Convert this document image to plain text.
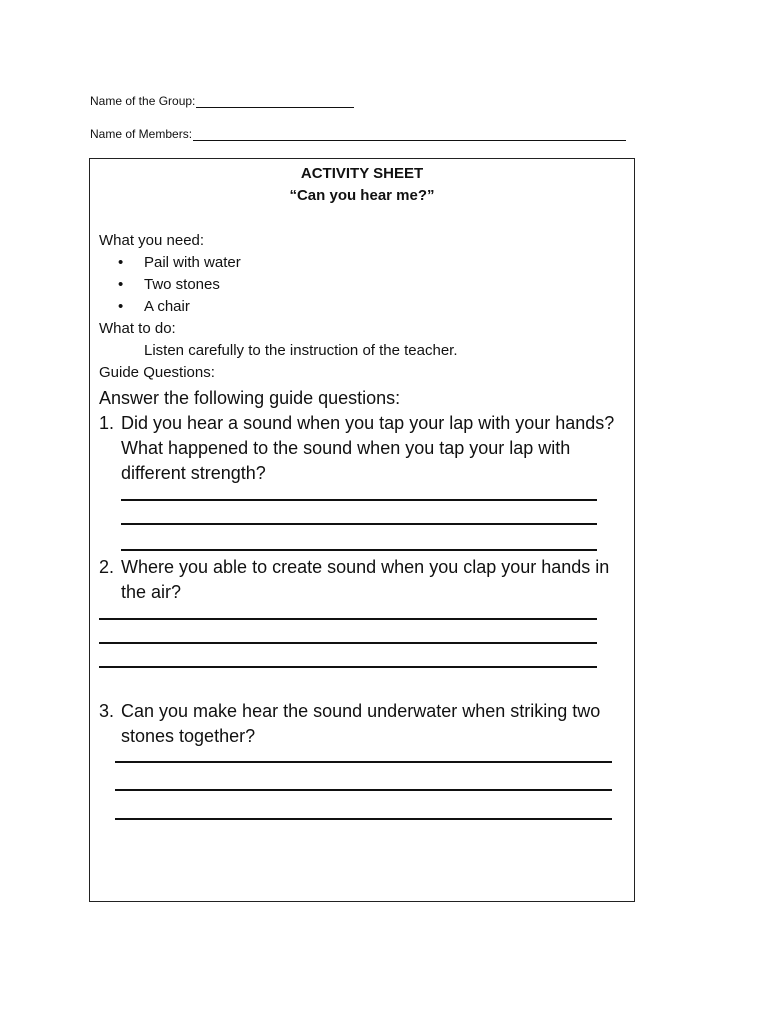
Name of the Group:
Name of Members:
ACTIVITY SHEET
“Can you hear me?”
What you need:
Pail with water
Two stones
A chair
What to do:
Listen carefully to the instruction of the teacher.
Guide Questions:
Answer the following guide questions:
1. Did you hear a sound when you tap your lap with your hands? What happened to the sound when you tap your lap with different strength?
2. Where you able to create sound when you clap your hands in the air?
3. Can you make hear the sound underwater when striking two stones together?
